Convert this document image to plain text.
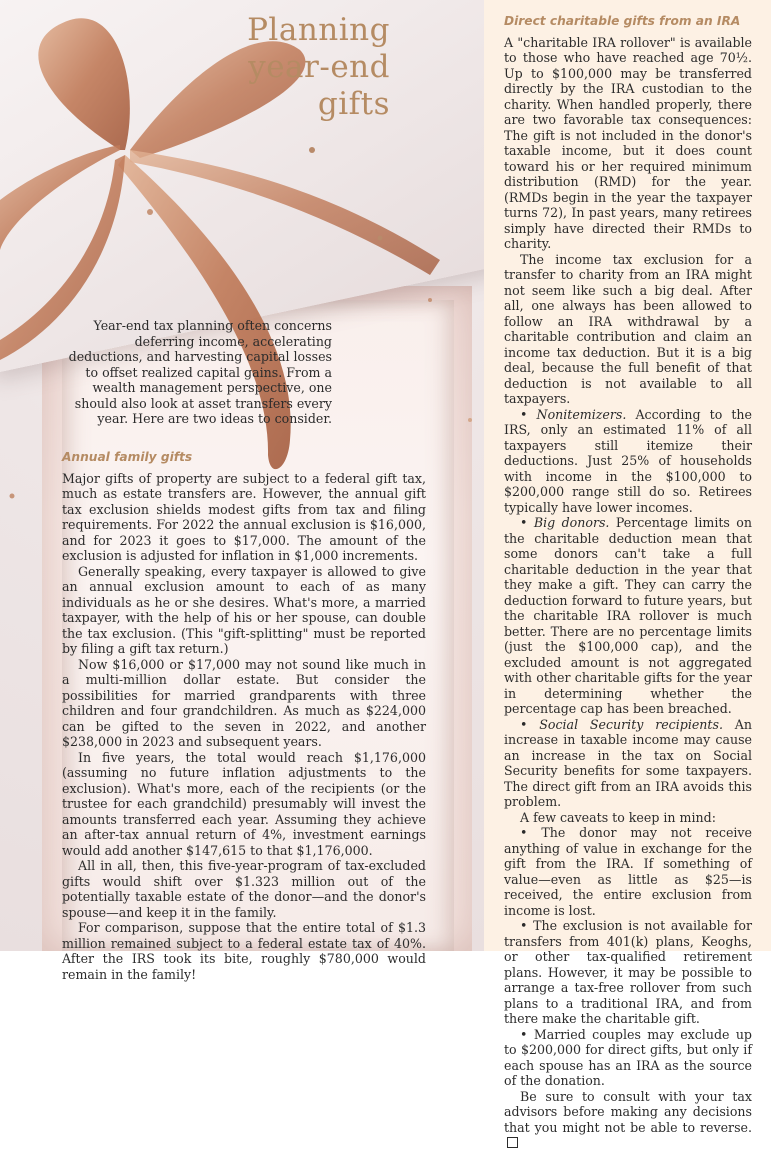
Planning
year-end
gifts

Year-end tax planning often concerns deferring income, accelerating deductions, and harvesting capital losses to offset realized capital gains. From a wealth management perspective, one should also look at asset transfers every year. Here are two ideas to consider.

Annual family gifts

Major gifts of property are subject to a federal gift tax, much as estate transfers are. However, the annual gift tax exclusion shields modest gifts from tax and filing requirements. For 2022 the annual exclusion is $16,000, and for 2023 it goes to $17,000. The amount of the exclusion is adjusted for inflation in $1,000 increments.

Generally speaking, every taxpayer is allowed to give an annual exclusion amount to each of as many individuals as he or she desires. What's more, a married taxpayer, with the help of his or her spouse, can double the tax exclusion. (This "gift-splitting" must be reported by filing a gift tax return.)

Now $16,000 or $17,000 may not sound like much in a multi-million dollar estate. But consider the possibilities for married grandparents with three children and four grandchildren. As much as $224,000 can be gifted to the seven in 2022, and another $238,000 in 2023 and subsequent years.

In five years, the total would reach $1,176,000 (assuming no future inflation adjustments to the exclusion). What's more, each of the recipients (or the trustee for each grandchild) presumably will invest the amounts transferred each year. Assuming they achieve an after-tax annual return of 4%, investment earnings would add another $147,615 to that $1,176,000.

All in all, then, this five-year-program of tax-excluded gifts would shift over $1.323 million out of the potentially taxable estate of the donor—and the donor's spouse—and keep it in the family.

For comparison, suppose that the entire total of $1.3 million remained subject to a federal estate tax of 40%. After the IRS took its bite, roughly $780,000 would remain in the family!

Direct charitable gifts from an IRA

A "charitable IRA rollover" is available to those who have reached age 70½. Up to $100,000 may be transferred directly by the IRA custodian to the charity. When handled properly, there are two favorable tax consequences: The gift is not included in the donor's taxable income, but it does count toward his or her required minimum distribution (RMD) for the year. (RMDs begin in the year the taxpayer turns 72), In past years, many retirees simply have directed their RMDs to charity.

The income tax exclusion for a transfer to charity from an IRA might not seem like such a big deal. After all, one always has been allowed to follow an IRA withdrawal by a charitable contribution and claim an income tax deduction. But it is a big deal, because the full benefit of that deduction is not available to all taxpayers.

• Nonitemizers. According to the IRS, only an estimated 11% of all taxpayers still itemize their deductions. Just 25% of households with income in the $100,000 to $200,000 range still do so. Retirees typically have lower incomes.

• Big donors. Percentage limits on the charitable deduction mean that some donors can't take a full charitable deduction in the year that they make a gift. They can carry the deduction forward to future years, but the charitable IRA rollover is much better. There are no percentage limits (just the $100,000 cap), and the excluded amount is not aggregated with other charitable gifts for the year in determining whether the percentage cap has been breached.

• Social Security recipients. An increase in taxable income may cause an increase in the tax on Social Security benefits for some taxpayers. The direct gift from an IRA avoids this problem.

A few caveats to keep in mind:

• The donor may not receive anything of value in exchange for the gift from the IRA. If something of value—even as little as $25—is received, the entire exclusion from income is lost.

• The exclusion is not available for transfers from 401(k) plans, Keoghs, or other tax-qualified retirement plans. However, it may be possible to arrange a tax-free rollover from such plans to a traditional IRA, and from there make the charitable gift.

• Married couples may exclude up to $200,000 for direct gifts, but only if each spouse has an IRA as the source of the donation.

Be sure to consult with your tax advisors before making any decisions that you might not be able to reverse.
